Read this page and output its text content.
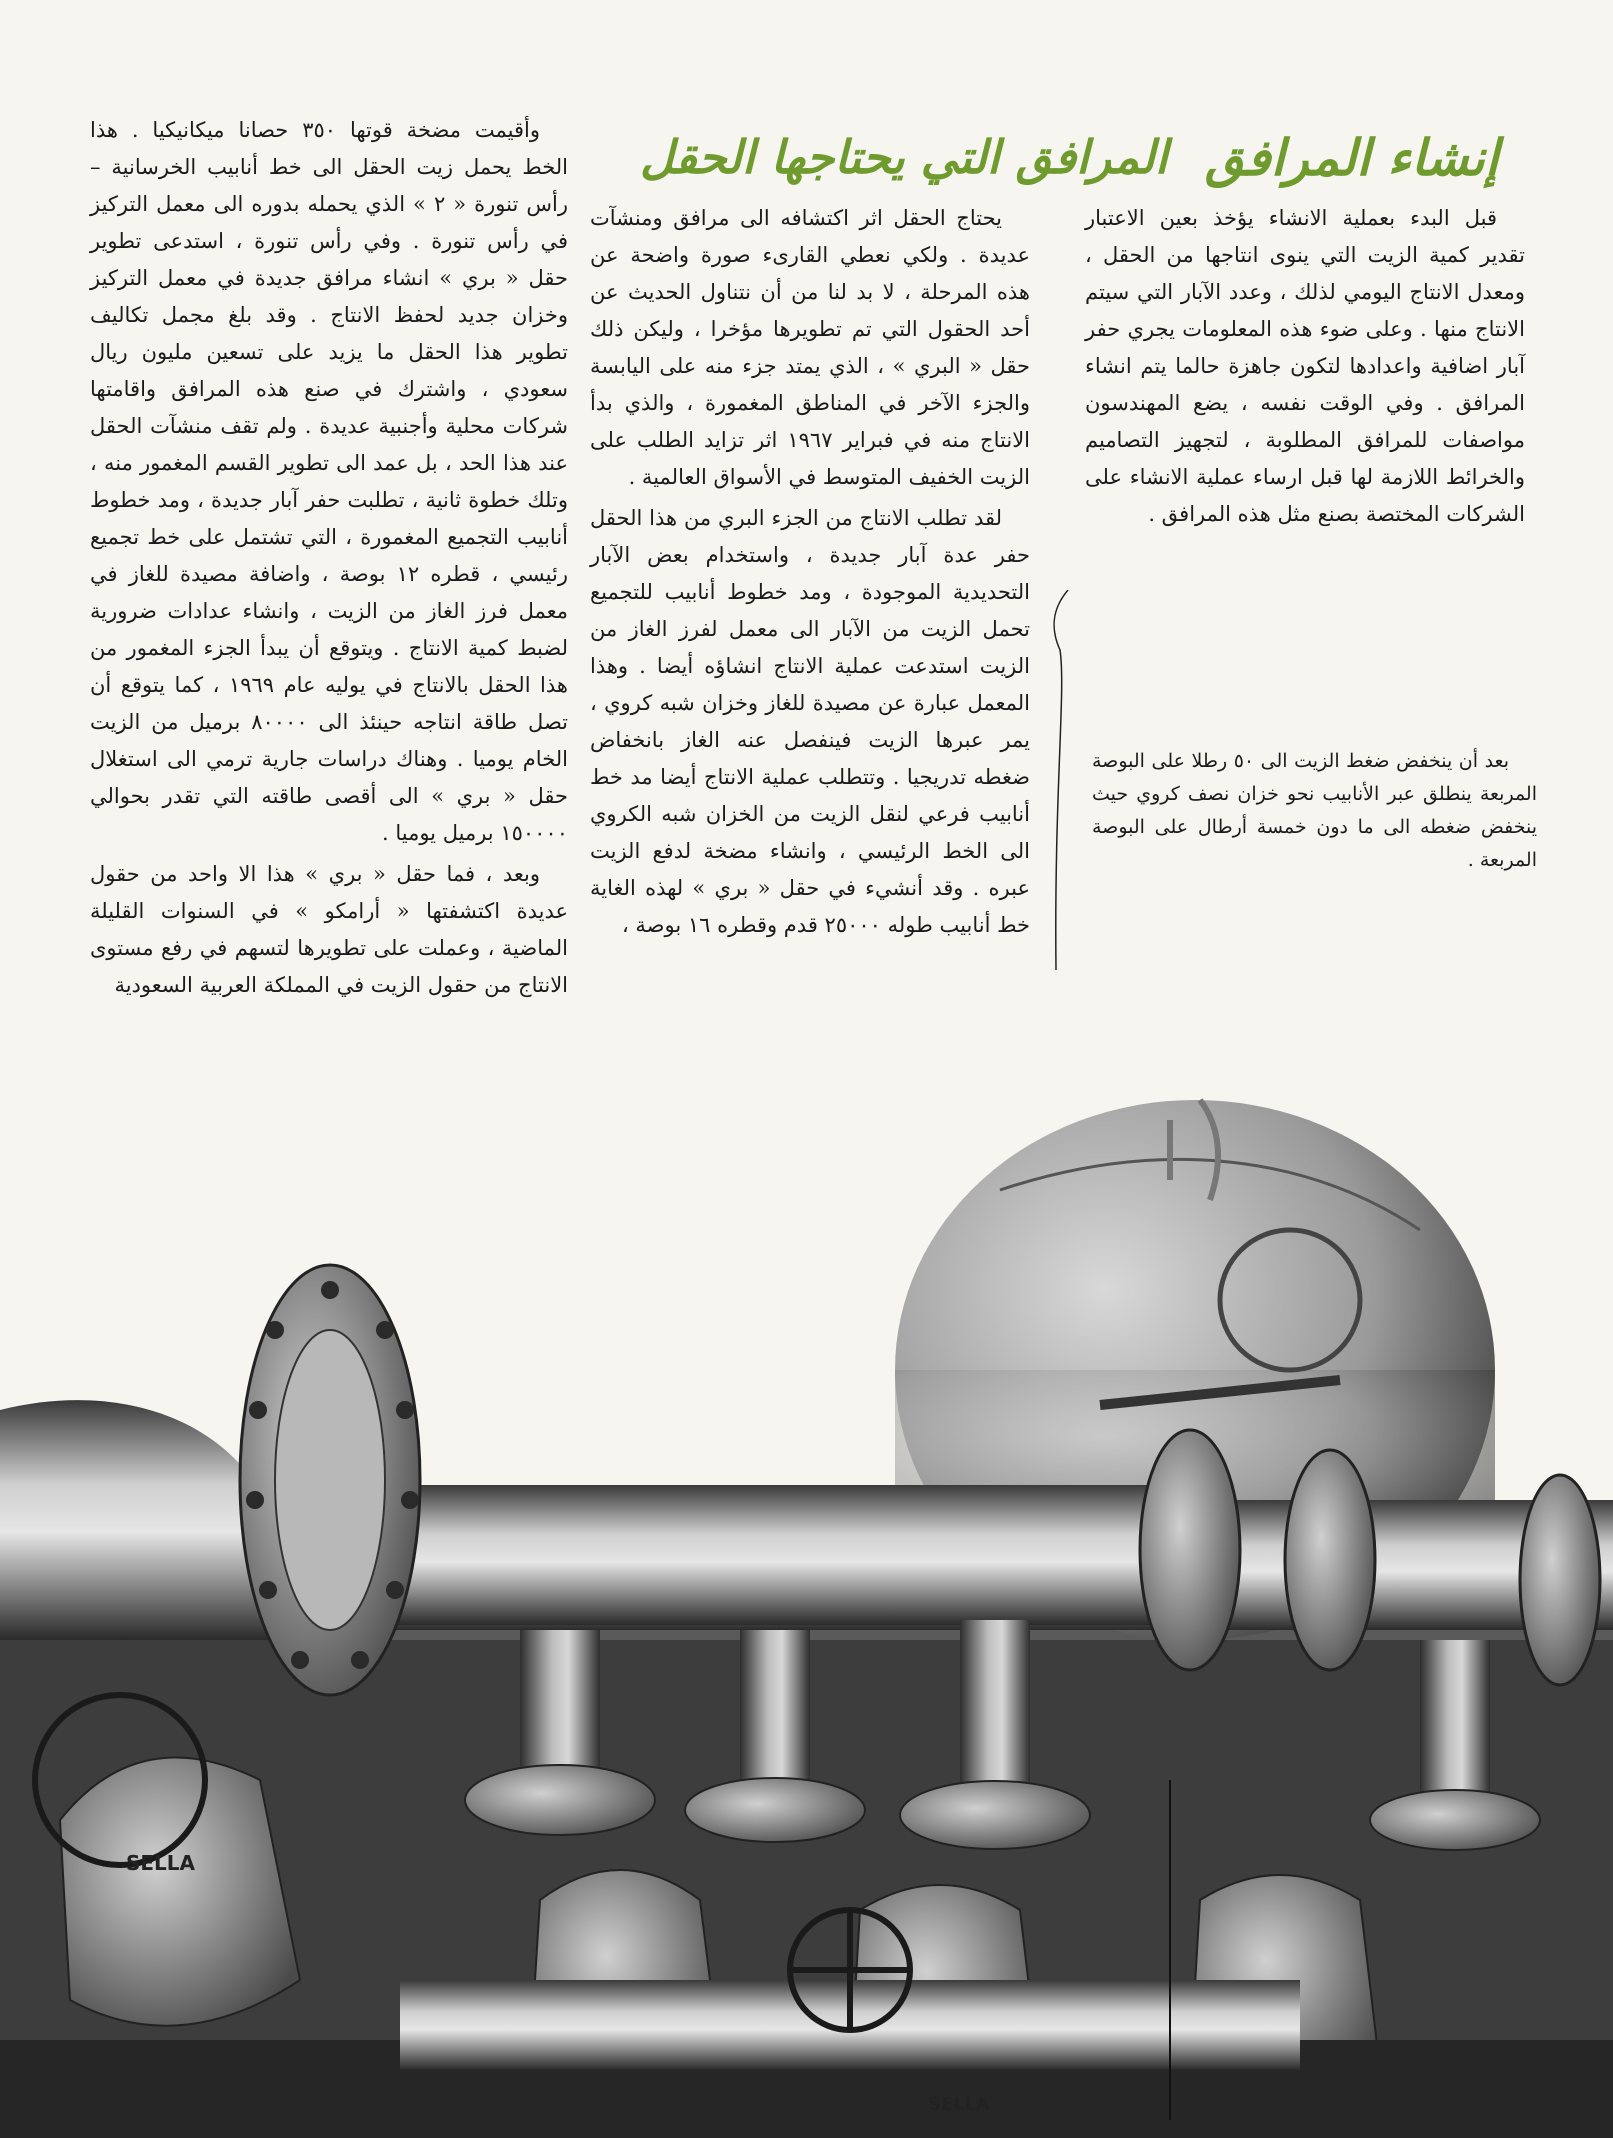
إنشاء المرافق
المرافق التي يحتاجها الحقل

قبل البدء بعملية الانشاء يؤخذ بعين الاعتبار تقدير كمية الزيت التي ينوى انتاجها من الحقل ، ومعدل الانتاج اليومي لذلك ، وعدد الآبار التي سيتم الانتاج منها . وعلى ضوء هذه المعلومات يجري حفر آبار اضافية واعدادها لتكون جاهزة حالما يتم انشاء المرافق . وفي الوقت نفسه ، يضع المهندسون مواصفات للمرافق المطلوبة ، لتجهيز التصاميم والخرائط اللازمة لها قبل ارساء عملية الانشاء على الشركات المختصة بصنع مثل هذه المرافق .

يحتاج الحقل اثر اكتشافه الى مرافق ومنشآت عديدة . ولكي نعطي القارىء صورة واضحة عن هذه المرحلة ، لا بد لنا من أن نتناول الحديث عن أحد الحقول التي تم تطويرها مؤخرا ، وليكن ذلك حقل « البري » ، الذي يمتد جزء منه على اليابسة والجزء الآخر في المناطق المغمورة ، والذي بدأ الانتاج منه في فبراير ١٩٦٧ اثر تزايد الطلب على الزيت الخفيف المتوسط في الأسواق العالمية .

لقد تطلب الانتاج من الجزء البري من هذا الحقل حفر عدة آبار جديدة ، واستخدام بعض الآبار التحديدية الموجودة ، ومد خطوط أنابيب للتجميع تحمل الزيت من الآبار الى معمل لفرز الغاز من الزيت استدعت عملية الانتاج انشاؤه أيضا . وهذا المعمل عبارة عن مصيدة للغاز وخزان شبه كروي ، يمر عبرها الزيت فينفصل عنه الغاز بانخفاض ضغطه تدريجيا . وتتطلب عملية الانتاج أيضا مد خط أنابيب فرعي لنقل الزيت من الخزان شبه الكروي الى الخط الرئيسي ، وانشاء مضخة لدفع الزيت عبره . وقد أنشيء في حقل « بري » لهذه الغاية خط أنابيب طوله ٢٥٠٠٠ قدم وقطره ١٦ بوصة ،

وأقيمت مضخة قوتها ٣٥٠ حصانا ميكانيكيا . هذا الخط يحمل زيت الحقل الى خط أنابيب الخرسانية – رأس تنورة « ٢ » الذي يحمله بدوره الى معمل التركيز في رأس تنورة . وفي رأس تنورة ، استدعى تطوير حقل « بري » انشاء مرافق جديدة في معمل التركيز وخزان جديد لحفظ الانتاج . وقد بلغ مجمل تكاليف تطوير هذا الحقل ما يزيد على تسعين مليون ريال سعودي ، واشترك في صنع هذه المرافق واقامتها شركات محلية وأجنبية عديدة . ولم تقف منشآت الحقل عند هذا الحد ، بل عمد الى تطوير القسم المغمور منه ، وتلك خطوة ثانية ، تطلبت حفر آبار جديدة ، ومد خطوط أنابيب التجميع المغمورة ، التي تشتمل على خط تجميع رئيسي ، قطره ١٢ بوصة ، واضافة مصيدة للغاز في معمل فرز الغاز من الزيت ، وانشاء عدادات ضرورية لضبط كمية الانتاج . ويتوقع أن يبدأ الجزء المغمور من هذا الحقل بالانتاج في يوليه عام ١٩٦٩ ، كما يتوقع أن تصل طاقة انتاجه حينئذ الى ٨٠٠٠٠ برميل من الزيت الخام يوميا . وهناك دراسات جارية ترمي الى استغلال حقل « بري » الى أقصى طاقته التي تقدر بحوالي ١٥٠٠٠٠ برميل يوميا .

وبعد ، فما حقل « بري » هذا الا واحد من حقول عديدة اكتشفتها « أرامكو » في السنوات القليلة الماضية ، وعملت على تطويرها لتسهم في رفع مستوى الانتاج من حقول الزيت في المملكة العربية السعودية

بعد أن ينخفض ضغط الزيت الى ٥٠ رطلا على البوصة المربعة ينطلق عبر الأنابيب نحو خزان نصف كروي حيث ينخفض ضغطه الى ما دون خمسة أرطال على البوصة المربعة .
SELLA
SELLA
